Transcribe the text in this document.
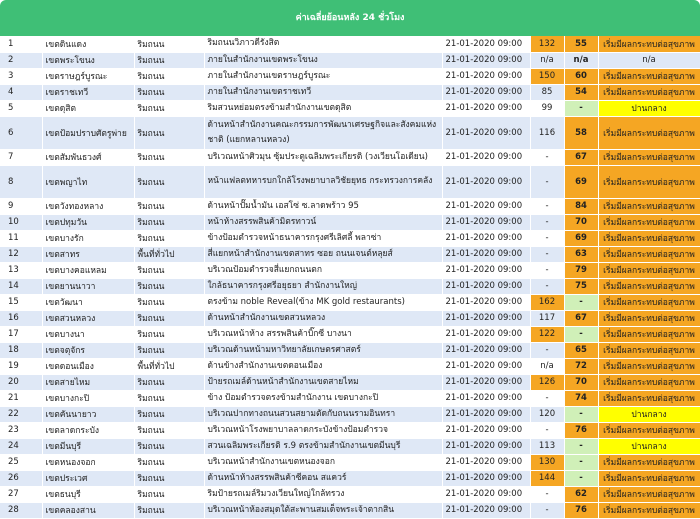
ค่าเฉลี่ยย้อนหลัง 24 ชั่วโมง
1	เขตดินแดง	ริมถนน	ริมถนนวิภาวดีรังสิต	21-01-2020 09:00	132	55	เริ่มมีผลกระทบต่อสุขภาพ
2	เขตพระโขนง	ริมถนน	ภายในสำนักงานเขตพระโขนง	21-01-2020 09:00	n/a	n/a	n/a
3	เขตราษฎร์บูรณะ	ริมถนน	ภายในสำนักงานเขตราษฎร์บูรณะ	21-01-2020 09:00	150	60	เริ่มมีผลกระทบต่อสุขภาพ
4	เขตราชเทวี	ริมถนน	ภายในสำนักงานเขตราชเทวี	21-01-2020 09:00	85	54	เริ่มมีผลกระทบต่อสุขภาพ
5	เขตดุสิต	ริมถนน	ริมสวนหย่อมตรงข้ามสำนักงานเขตดุสิต	21-01-2020 09:00	99	-	ปานกลาง
6	เขตป้อมปราบศัตรูพ่าย	ริมถนน	ด้านหน้าสำนักงานคณะกรรมการพัฒนาเศรษฐกิจและสังคมแห่งชาติ (แยกหลานหลวง)	21-01-2020 09:00	116	58	เริ่มมีผลกระทบต่อสุขภาพ
7	เขตสัมพันธวงศ์	ริมถนน	บริเวณหน้าศิวมุน ซุ้มประตูเฉลิมพระเกียรติ (วงเวียนโอเดียน)	21-01-2020 09:00	-	67	เริ่มมีผลกระทบต่อสุขภาพ
8	เขตพญาไท	ริมถนน	หน้าแฟลตทหารบกใกล้โรงพยาบาลวิชัยยุทธ กระทรวงการคลัง	21-01-2020 09:00	-	69	เริ่มมีผลกระทบต่อสุขภาพ
9	เขตวังทองหลาง	ริมถนน	ด้านหน้าปั๊มน้ำมัน เอสโซ่ ซ.ลาดพร้าว 95	21-01-2020 09:00	-	84	เริ่มมีผลกระทบต่อสุขภาพ
10	เขตปทุมวัน	ริมถนน	หน้าห้างสรรพสินค้ามิตรทาวน์	21-01-2020 09:00	-	70	เริ่มมีผลกระทบต่อสุขภาพ
11	เขตบางรัก	ริมถนน	ข้างป้อมตำรวจหน้าธนาคารกรุงศรีเลิศลี้ พลาซ่า	21-01-2020 09:00	-	69	เริ่มมีผลกระทบต่อสุขภาพ
12	เขตสาทร	พื้นที่ทั่วไป	สี่แยกหน้าสำนักงานเขตสาทร ซอย ถนนเจนต์หลุยส์	21-01-2020 09:00	-	63	เริ่มมีผลกระทบต่อสุขภาพ
13	เขตบางคอแหลม	ริมถนน	บริเวณป้อมตำรวจสี่แยกถนนตก	21-01-2020 09:00	-	79	เริ่มมีผลกระทบต่อสุขภาพ
14	เขตยานนาวา	ริมถนน	ใกล้ธนาคารกรุงศรีอยุธยา สำนักงานใหญ่	21-01-2020 09:00	-	75	เริ่มมีผลกระทบต่อสุขภาพ
15	เขตวัฒนา	ริมถนน	ตรงข้าม noble Reveal(ข้าง MK gold restaurants)	21-01-2020 09:00	162	-	เริ่มมีผลกระทบต่อสุขภาพ
16	เขตสวนหลวง	ริมถนน	ด้านหน้าสำนักงานเขตสวนหลวง	21-01-2020 09:00	117	67	เริ่มมีผลกระทบต่อสุขภาพ
17	เขตบางนา	ริมถนน	บริเวณหน้าห้าง สรรพสินค้าบิ๊กซี บางนา	21-01-2020 09:00	122	-	เริ่มมีผลกระทบต่อสุขภาพ
18	เขตจตุจักร	ริมถนน	บริเวณด้านหน้ามหาวิทยาลัยเกษตรศาสตร์	21-01-2020 09:00	-	65	เริ่มมีผลกระทบต่อสุขภาพ
19	เขตดอนเมือง	พื้นที่ทั่วไป	ด้านข้างสำนักงานเขตดอนเมือง	21-01-2020 09:00	n/a	72	เริ่มมีผลกระทบต่อสุขภาพ
20	เขตสายไหม	ริมถนน	ป้ายรถเมล์ด้านหน้าสำนักงานเขตสายไหม	21-01-2020 09:00	126	70	เริ่มมีผลกระทบต่อสุขภาพ
21	เขตบางกะปิ	ริมถนน	ข้าง ป้อมตำรวจตรงข้ามสำนักงาน เขตบางกะปิ	21-01-2020 09:00	-	74	เริ่มมีผลกระทบต่อสุขภาพ
22	เขตคันนายาว	ริมถนน	บริเวณปากทางถนนสวนสยามตัดกับถนนรามอินทรา	21-01-2020 09:00	120	-	ปานกลาง
23	เขตลาดกระบัง	ริมถนน	บริเวณหน้าโรงพยาบาลลาดกระบังข้างป้อมตำรวจ	21-01-2020 09:00	-	76	เริ่มมีผลกระทบต่อสุขภาพ
24	เขตมีนบุรี	ริมถนน	สวนเฉลิมพระเกียรติ ร.9 ตรงข้ามสำนักงานเขตมีนบุรี	21-01-2020 09:00	113	-	ปานกลาง
25	เขตหนองจอก	ริมถนน	บริเวณหน้าสำนักงานเขตหนองจอก	21-01-2020 09:00	130	-	เริ่มมีผลกระทบต่อสุขภาพ
26	เขตประเวศ	ริมถนน	ด้านหน้าห้างสรรพสินค้าซีคอน สแควร์	21-01-2020 09:00	144	-	เริ่มมีผลกระทบต่อสุขภาพ
27	เขตธนบุรี	ริมถนน	ริมป้ายรถเมล์ริมวงเวียนใหญ่ใกล้ทรวง	21-01-2020 09:00	-	62	เริ่มมีผลกระทบต่อสุขภาพ
28	เขตคลองสาน	ริมถนน	บริเวณหน้าห้องสมุดใต้สะพานสมเด็จพระเจ้าตากสิน	21-01-2020 09:00	-	76	เริ่มมีผลกระทบต่อสุขภาพ
